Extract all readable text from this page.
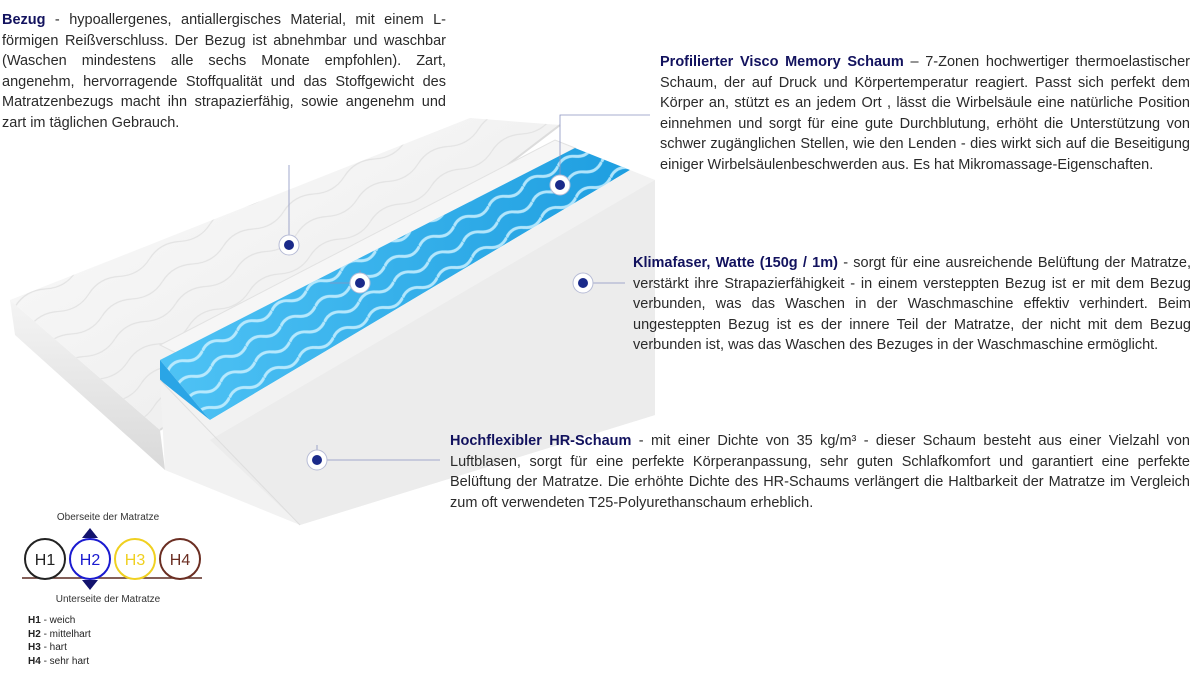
H1 H2 H3 H4
Bezug - hypoallergenes, antiallergisches Material, mit einem L-förmigen Reißverschluss. Der Bezug ist abnehmbar und waschbar (Waschen mindestens alle sechs Monate empfohlen). Zart, angenehm, hervorragende Stoffqualität und das Stoffgewicht des Matratzenbezugs macht ihn strapazierfähig, sowie angenehm und zart im täglichen Gebrauch.
Profilierter Visco Memory Schaum – 7-Zonen hochwertiger thermoelastischer Schaum, der auf Druck und Körpertemperatur reagiert. Passt sich perfekt dem Körper an, stützt es an jedem Ort , lässt die Wirbelsäule eine natürliche Position einnehmen und sorgt für eine gute Durchblutung, erhöht die Unterstützung von schwer zugänglichen Stellen, wie den Lenden - dies wirkt sich auf die Beseitigung einiger Wirbelsäulenbeschwerden aus. Es hat Mikromassage-Eigenschaften.
Klimafaser, Watte (150g / 1m) - sorgt für eine ausreichende Belüftung der Matratze, verstärkt ihre Strapazierfähigkeit - in einem versteppten Bezug ist er mit dem Bezug verbunden, was das Waschen in der Waschmaschine effektiv verhindert. Beim ungesteppten Bezug ist es der innere Teil der Matratze, der nicht mit dem Bezug verbunden ist, was das Waschen des Bezuges in der Waschmaschine ermöglicht.
Hochflexibler HR-Schaum - mit einer Dichte von 35 kg/m³ - dieser Schaum besteht aus einer Vielzahl von Luftblasen, sorgt für eine perfekte Körperanpassung, sehr guten Schlafkomfort und garantiert eine perfekte Belüftung der Matratze. Die erhöhte Dichte des HR-Schaums verlängert die Haltbarkeit der Matratze im Vergleich zum oft verwendeten T25-Polyurethanschaum erheblich.
Oberseite der Matratze
Unterseite der Matratze
H1 - weich
H2 - mittelhart
H3 - hart
H4 - sehr hart
